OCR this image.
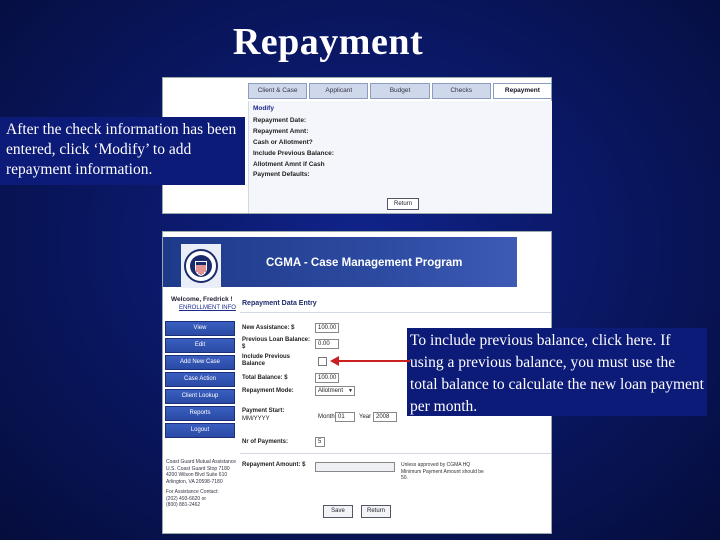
Repayment
Client & Case	Applicant	Budget	Checks	Repayment
Modify
Repayment Date:
Repayment Amnt:
Cash or Allotment?
Include Previous Balance:
Allotment Amnt if Cash
Payment Defaults:
Return
After the check information has been entered, click ‘Modify’ to add repayment information.
CGMA - Case Management Program
Welcome, Fredrick !
ENROLLMENT INFO
View
Edit
Add New Case
Case Action
Client Lookup
Reports
Logout
Coast Guard Mutual Assistance
U.S. Coast Guard Stop 7180
4200 Wilson Blvd Suite 610
Arlington, VA 20598-7180
For Assistance Contact:
(202) 493-6620 or
(800) 881-2462
Repayment Data Entry
New Assistance: $	100.00
Previous Loan Balance: $	0.00
Include Previous Balance
Total Balance: $	100.00
Repayment Mode:	Allotment ▼
Payment Start:
MM/YYYY	Month 01	Year 2008
Nr of Payments:	5
Repayment Amount: $	Unless approved by CGMA HQ Minimum Payment Amount should be 50.
Save	Return
To include previous balance, click here. If using a previous balance, you must use the total balance to calculate the new loan payment per month.
